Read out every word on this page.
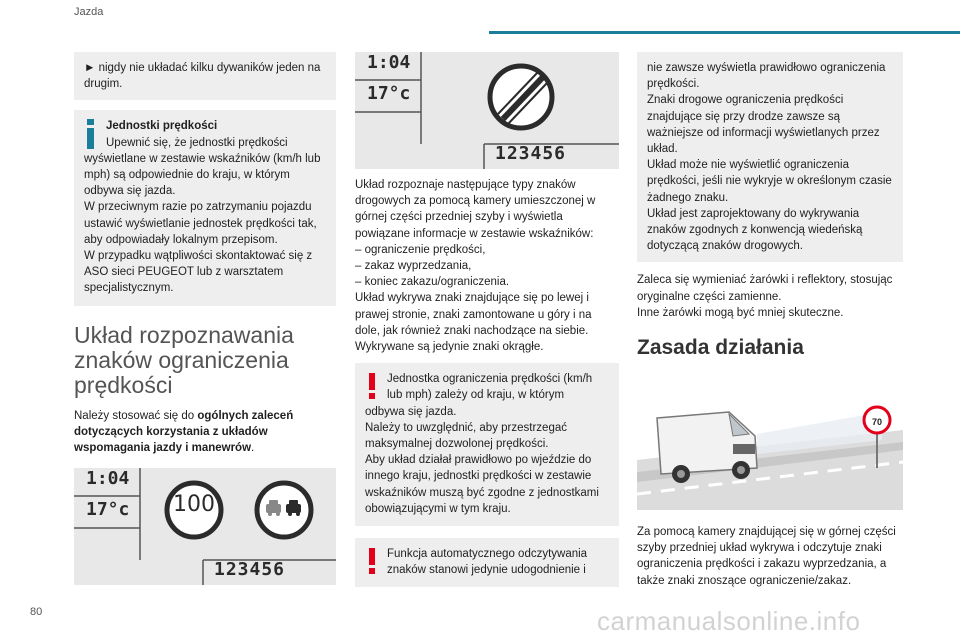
Jazda
► nigdy nie układać kilku dywaników jeden na drugim.
Jednostki prędkości
Upewnić się, że jednostki prędkości
wyświetlane w zestawie wskaźników (km/h lub mph) są odpowiednie do kraju, w którym odbywa się jazda.
W przeciwnym razie po zatrzymaniu pojazdu ustawić wyświetlanie jednostek prędkości tak, aby odpowiadały lokalnym przepisom.
W przypadku wątpliwości skontaktować się z ASO sieci PEUGEOT lub z warsztatem specjalistycznym.
Układ rozpoznawania znaków ograniczenia prędkości
Należy stosować się do ogólnych zaleceń dotyczących korzystania z układów wspomagania jazdy i manewrów.
1:04
17°c 100
123456
1:04
17°c
123456
Układ rozpoznaje następujące typy znaków drogowych za pomocą kamery umieszczonej w górnej części przedniej szyby i wyświetla powiązane informacje w zestawie wskaźników:
– ograniczenie prędkości,
– zakaz wyprzedzania,
– koniec zakazu/ograniczenia.
Układ wykrywa znaki znajdujące się po lewej i prawej stronie, znaki zamontowane u góry i na dole, jak również znaki nachodzące na siebie. Wykrywane są jedynie znaki okrągłe.
Jednostka ograniczenia prędkości (km/h
lub mph) zależy od kraju, w którym
odbywa się jazda.
Należy to uwzględnić, aby przestrzegać maksymalnej dozwolonej prędkości.
Aby układ działał prawidłowo po wjeździe do innego kraju, jednostki prędkości w zestawie wskaźników muszą być zgodne z jednostkami obowiązującymi w tym kraju.
Funkcja automatycznego odczytywania
znaków stanowi jedynie udogodnienie i
nie zawsze wyświetla prawidłowo ograniczenia prędkości.
Znaki drogowe ograniczenia prędkości znajdujące się przy drodze zawsze są ważniejsze od informacji wyświetlanych przez układ.
Układ może nie wyświetlić ograniczenia prędkości, jeśli nie wykryje w określonym czasie żadnego znaku.
Układ jest zaprojektowany do wykrywania znaków zgodnych z konwencją wiedeńską dotyczącą znaków drogowych.
Zaleca się wymieniać żarówki i reflektory, stosując oryginalne części zamienne.
Inne żarówki mogą być mniej skuteczne.
Zasada działania
70
Za pomocą kamery znajdującej się w górnej części szyby przedniej układ wykrywa i odczytuje znaki ograniczenia prędkości i zakazu wyprzedzania, a także znaki znoszące ograniczenie/zakaz.
80	carmanualsonline.info
